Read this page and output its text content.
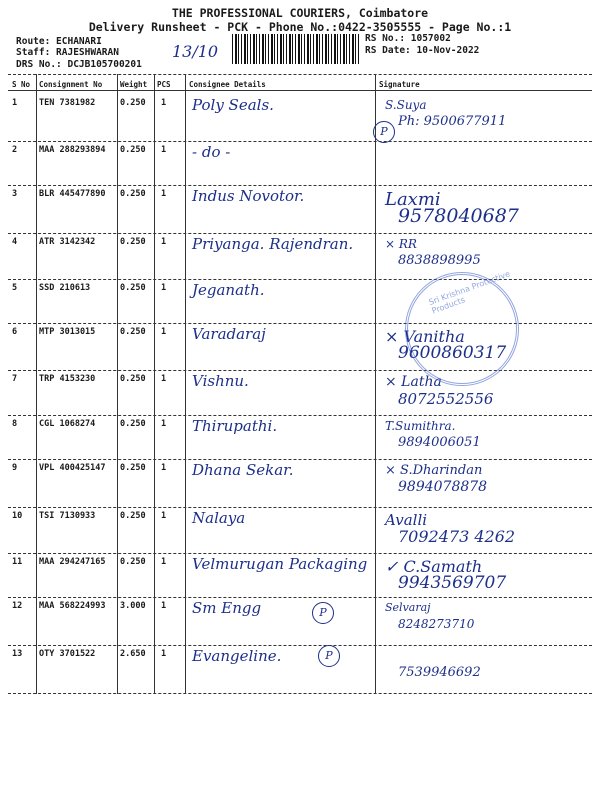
THE PROFESSIONAL COURIERS, Coimbatore
Delivery Runsheet - PCK - Phone No.:0422-3505555 - Page No.:1
Route: ECHANARI
Staff: RAJESHWARAN
DRS No.: DCJB105700201
13/10
RS No.: 1057002
RS Date: 10-Nov-2022
S No Consignment No Weight PCS Consignee Details	Signature
1	TEN 7381982	0.250 1 Poly Seals.	S.Suya
Ph: 9500677911
2	MAA 288293894 0.250 1 - do -
3	BLR 445477890 0.250 1 Indus Novotor.	Laxmi
9578040687
4	ATR 3142342	0.250 1 Priyanga. Rajendran.	× RR
8838898995
5	SSD 210613	0.250 1 Jeganath.
6	MTP 3013015	0.250 1 Varadaraj	× Vanitha
9600860317
7	TRP 4153230	0.250 1 Vishnu.	× Latha
8072552556
8	CGL 1068274	0.250 1 Thirupathi.	T.Sumithra.
9894006051
9	VPL 400425147 0.250 1 Dhana Sekar.	× S.Dharindan
9894078878
10 TSI 7130933	0.250 1 Nalaya	Avalli
7092473 4262
11 MAA 294247165 0.250 1 Velmurugan Packaging ✓ C.Samath
9943569707
12 MAA 568224993 3.000 1 Sm Engg	Selvaraj
8248273710
13 OTY 3701522	2.650 1 Evangeline.
7539946692
Sri Krishna Protective Products
P
P
P
